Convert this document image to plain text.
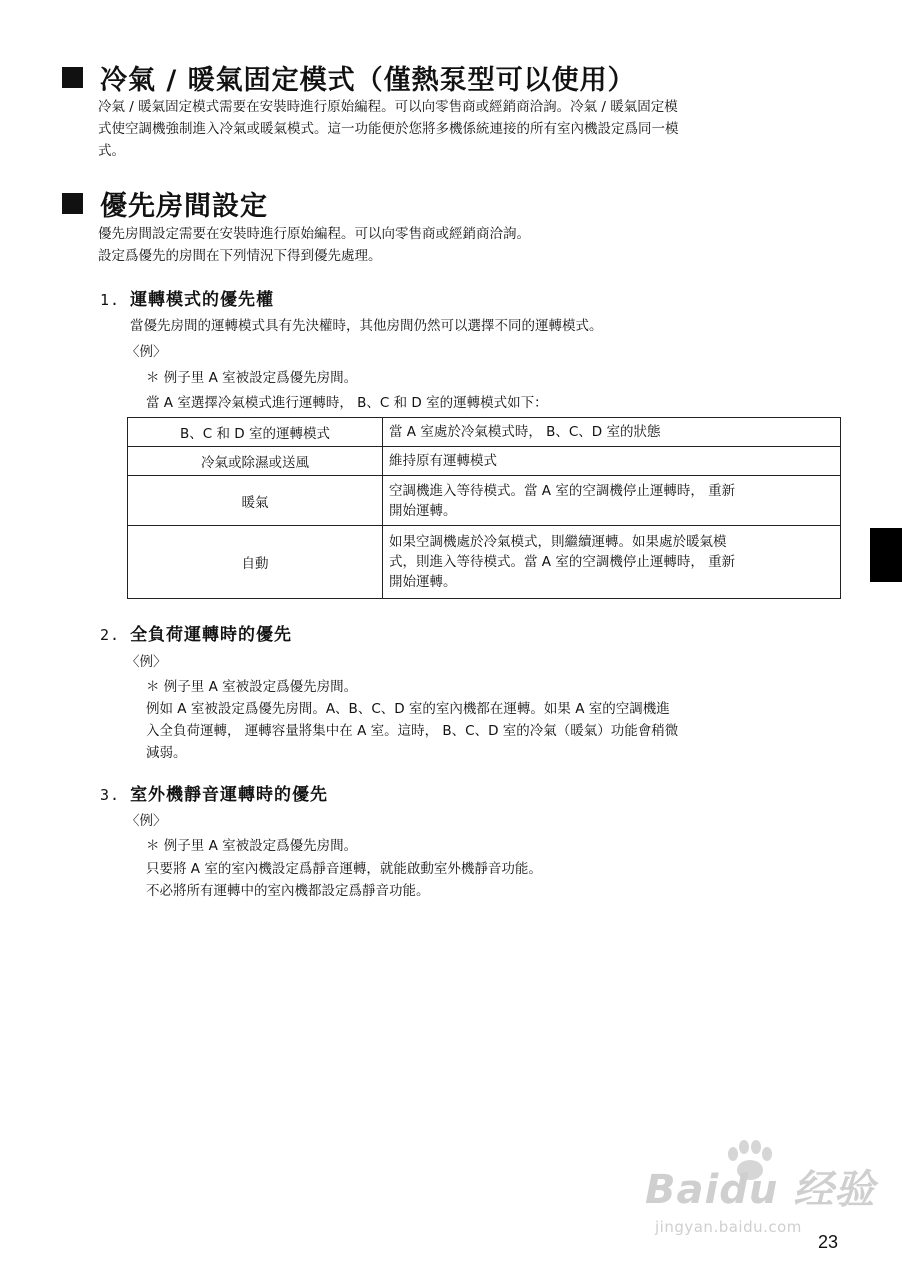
冷氣 / 暖氣固定模式（僅熱泵型可以使用）

冷氣 / 暖氣固定模式需要在安裝時進行原始編程。可以向零售商或經銷商洽詢。冷氣 / 暖氣固定模

式使空調機強制進入冷氣或暖氣模式。這一功能便於您將多機係統連接的所有室內機設定爲同一模

式。

優先房間設定

優先房間設定需要在安裝時進行原始編程。可以向零售商或經銷商洽詢。

設定爲優先的房間在下列情況下得到優先處理。

1. 運轉模式的優先權
當優先房間的運轉模式具有先決權時，其他房間仍然可以選擇不同的運轉模式。
〈例〉
＊ 例子里 A 室被設定爲優先房間。
當 A 室選擇冷氣模式進行運轉時， B、C 和 D 室的運轉模式如下：
B、C 和 D 室的運轉模式	當 A 室處於冷氣模式時， B、C、D 室的狀態
冷氣或除濕或送風	維持原有運轉模式

暖氣	空調機進入等待模式。當 A 室的空調機停止運轉時， 重新
開始運轉。

自動	如果空調機處於冷氣模式，則繼續運轉。如果處於暖氣模
式，則進入等待模式。當 A 室的空調機停止運轉時， 重新
開始運轉。
2. 全負荷運轉時的優先
〈例〉
＊ 例子里 A 室被設定爲優先房間。

例如 A 室被設定爲優先房間。A、B、C、D 室的室內機都在運轉。如果 A 室的空調機進

入全負荷運轉， 運轉容量將集中在 A 室。這時， B、C、D 室的冷氣（暖氣）功能會稍微

減弱。

3. 室外機靜音運轉時的優先
〈例〉
＊ 例子里 A 室被設定爲優先房間。

只要將 A 室的室內機設定爲靜音運轉，就能啟動室外機靜音功能。

不必將所有運轉中的室內機都設定爲靜音功能。

Baidu 经验
jingyan.baidu.com
23
